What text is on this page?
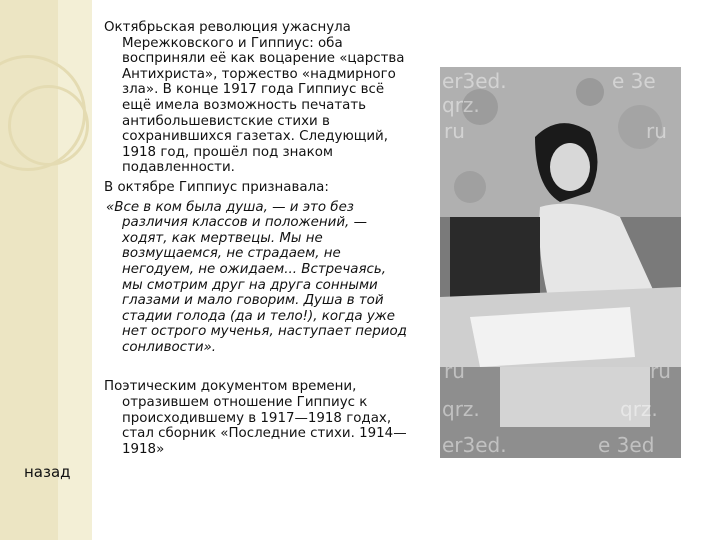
Октябрьская революция ужаснула Мережковского и Гиппиус: оба восприняли её как воцарение «царства Антихриста», торжество «надмирного зла». В конце 1917 года Гиппиус всё ещё имела возможность печатать антибольшевистские стихи в сохранившихся газетах. Следующий, 1918 год, прошёл под знаком подавленности.

В октябре Гиппиус признавала:

«Все в ком была душа, — и это без различия классов и положений, — ходят, как мертвецы. Мы не возмущаемся, не страдаем, не негодуем, не ожидаем... Встречаясь, мы смотрим друг на друга сонными глазами и мало говорим. Душа в той стадии голода (да и тело!), когда уже нет острого мученья, наступает период сонливости».

Поэтическим документом времени, отразившем отношение Гиппиус к происходившему в 1917—1918 годах, стал сборник «Последние стихи. 1914—1918»

назад
er3ed.	e 3e
qrz.
ru	ru
ru	ru
qrz.	qrz.
er3ed.	e 3ed
